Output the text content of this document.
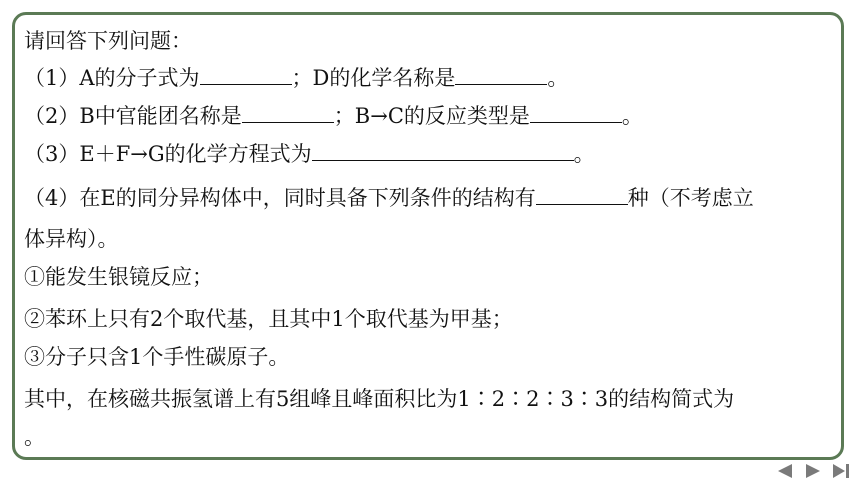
请回答下列问题：
（1）A的分子式为	；D的化学名称是	。
（2）B中官能团名称是	；B→C的反应类型是	。
（3）E＋F→G的化学方程式为	。
（4）在E的同分异构体中，同时具备下列条件的结构有	种（不考虑立
体异构）。
①能发生银镜反应；
②苯环上只有2个取代基，且其中1个取代基为甲基；
③分子只含1个手性碳原子。
其中，在核磁共振氢谱上有5组峰且峰面积比为1∶2∶2∶3∶3的结构简式为
。
